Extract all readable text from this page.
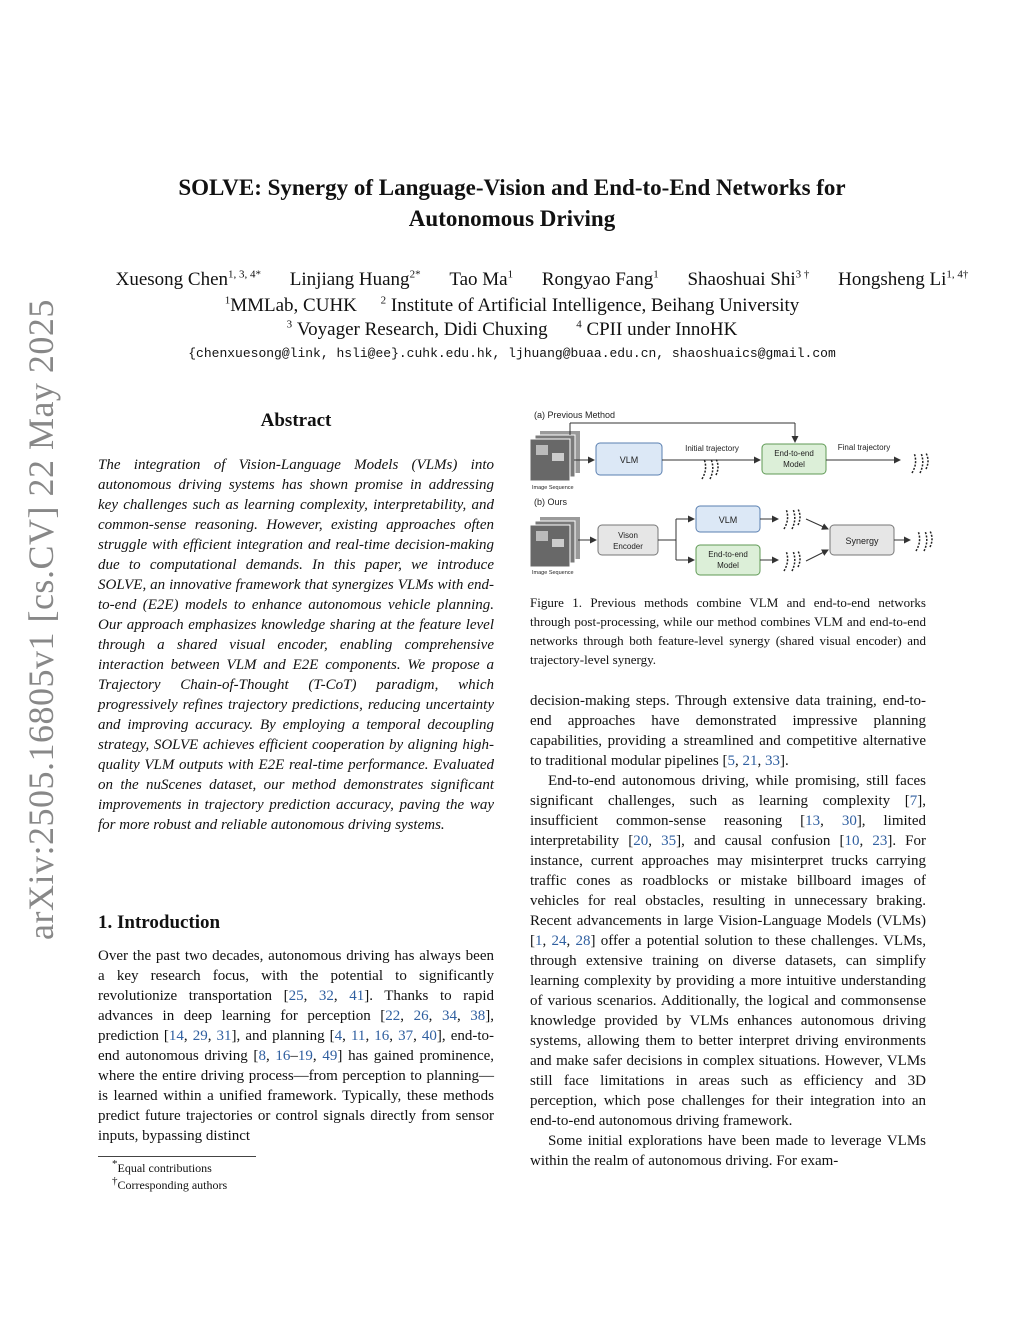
arXiv:2505.16805v1 [cs.CV] 22 May 2025
SOLVE: Synergy of Language-Vision and End-to-End Networks for
Autonomous Driving
Xuesong Chen$^{1, 3, 4*}$ Linjiang Huang$^{2*}$ Tao Ma$^1$ Rongyao Fang$^1$ Shaoshuai Shi$^{3 \dagger}$ Hongsheng $Li^{1, 4\dagger}$
$^1$MMLab, CUHK $^2$ Institute of Artificial Intelligence, Beihang University
$^3$ Voyager Research, Didi Chuxing	$^4$ CPII under InnoHK
{chenxuesong@link, hsli@ee}.cuhk.edu.hk, ljhuang@buaa.edu.cn, shaoshuaics@gmail.com
Abstract
The integration of Vision-Language Models (VLMs) into autonomous driving systems has shown promise in addressing key challenges such as learning complexity, interpretability, and common-sense reasoning. However, existing approaches often struggle with efficient integration and real-time decision-making due to computational demands. In this paper, we introduce SOLVE, an innovative framework that synergizes VLMs with end-to-end (E2E) models to enhance autonomous vehicle planning. Our approach emphasizes knowledge sharing at the feature level through a shared visual encoder, enabling comprehensive interaction between VLM and E2E components. We propose a Trajectory Chain-of-Thought (T-CoT) paradigm, which progressively refines trajectory predictions, reducing uncertainty and improving accuracy. By employing a temporal decoupling strategy, SOLVE achieves efficient cooperation by aligning high-quality VLM outputs with E2E real-time performance. Evaluated on the nuScenes dataset, our method demonstrates significant improvements in trajectory prediction accuracy, paving the way for more robust and reliable autonomous driving systems.
1. Introduction

Over the past two decades, autonomous driving has always been a key research focus, with the potential to significantly revolutionize transportation [25, 32, 41]. Thanks to rapid advances in deep learning for perception [22, 26, 34, 38], prediction [14, 29, 31], and planning [4, 11, 16, 37, 40], end-to-end autonomous driving [8, 16–19, 49] has gained prominence, where the entire driving process—from perception to planning—is learned within a unified framework. Typically, these methods predict future trajectories or control signals directly from sensor inputs, bypassing distinct

*Equal contributions
†Corresponding authors
(a) Previous Method
Image Sequence
VLM
Initial trajectory
End-to-end
Model
Final trajectory
(b) Ours
Image Sequence
Vison
Encoder
VLM
End-to-end
Model
Synergy
Figure 1. Previous methods combine VLM and end-to-end networks through post-processing, while our method combines VLM and end-to-end networks through both feature-level synergy (shared visual encoder) and trajectory-level synergy.

decision-making steps. Through extensive data training, end-to-end approaches have demonstrated impressive planning capabilities, providing a streamlined and competitive alternative to traditional modular pipelines [5, 21, 33].

End-to-end autonomous driving, while promising, still faces significant challenges, such as learning complexity [7], insufficient common-sense reasoning [13, 30], limited interpretability [20, 35], and causal confusion [10, 23]. For instance, current approaches may misinterpret trucks carrying traffic cones as roadblocks or mistake billboard images of vehicles for real obstacles, resulting in unnecessary braking. Recent advancements in large Vision-Language Models (VLMs) [1, 24, 28] offer a potential solution to these challenges. VLMs, through extensive training on diverse datasets, can simplify learning complexity by providing a more intuitive understanding of various scenarios. Additionally, the logical and commonsense knowledge provided by VLMs enhances autonomous driving systems, allowing them to better interpret driving environments and make safer decisions in complex situations. However, VLMs still face limitations in areas such as efficiency and 3D perception, which pose challenges for their integration into an end-to-end autonomous driving framework.

Some initial explorations have been made to leverage VLMs within the realm of autonomous driving. For exam-
